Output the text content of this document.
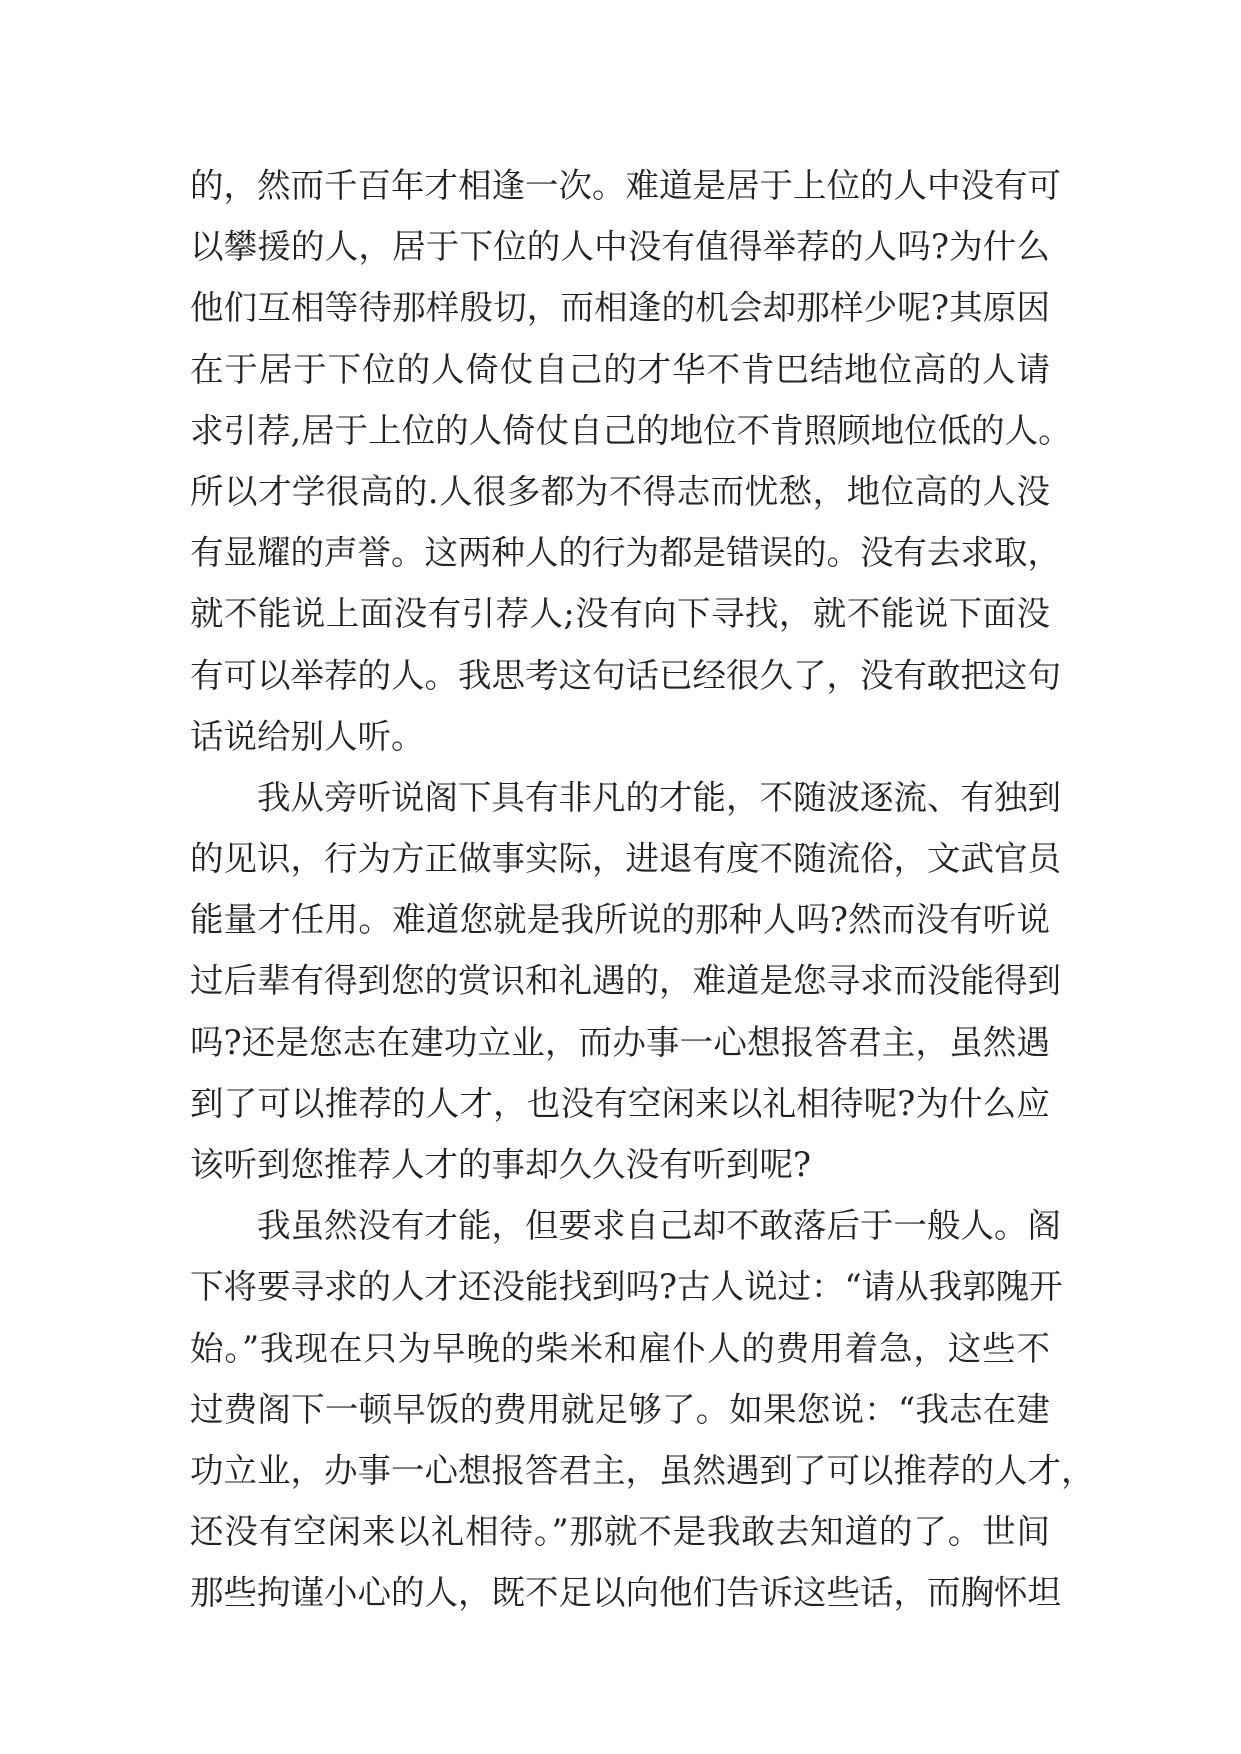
的，然而千百年才相逢一次。难道是居于上位的人中没有可
以攀援的人，居于下位的人中没有值得举荐的人吗?为什么
他们互相等待那样殷切，而相逢的机会却那样少呢?其原因
在于居于下位的人倚仗自己的才华不肯巴结地位高的人请
求引荐,居于上位的人倚仗自己的地位不肯照顾地位低的人。
所以才学很高的.人很多都为不得志而忧愁，地位高的人没
有显耀的声誉。这两种人的行为都是错误的。没有去求取，
就不能说上面没有引荐人;没有向下寻找，就不能说下面没
有可以举荐的人。我思考这句话已经很久了，没有敢把这句
话说给别人听。
我从旁听说阁下具有非凡的才能，不随波逐流、有独到
的见识，行为方正做事实际，进退有度不随流俗，文武官员
能量才任用。难道您就是我所说的那种人吗?然而没有听说
过后辈有得到您的赏识和礼遇的，难道是您寻求而没能得到
吗?还是您志在建功立业，而办事一心想报答君主，虽然遇
到了可以推荐的人才，也没有空闲来以礼相待呢?为什么应
该听到您推荐人才的事却久久没有听到呢?
我虽然没有才能，但要求自己却不敢落后于一般人。阁
下将要寻求的人才还没能找到吗?古人说过：“请从我郭隗开
始。”我现在只为早晚的柴米和雇仆人的费用着急，这些不
过费阁下一顿早饭的费用就足够了。如果您说：“我志在建
功立业，办事一心想报答君主，虽然遇到了可以推荐的人才，
还没有空闲来以礼相待。”那就不是我敢去知道的了。世间
那些拘谨小心的人，既不足以向他们告诉这些话，而胸怀坦
